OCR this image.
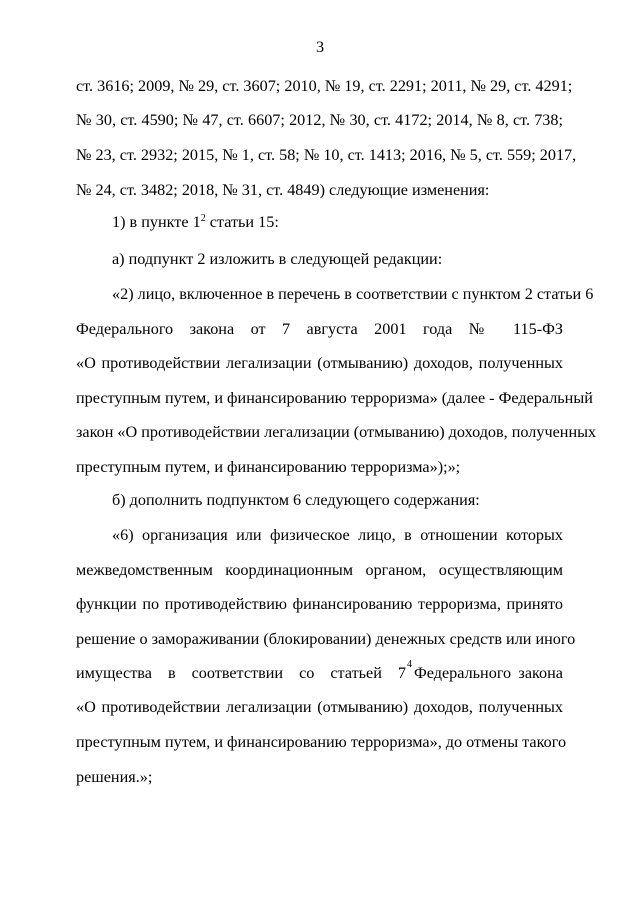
3
ст. 3616; 2009, № 29, ст. 3607; 2010, № 19, ст. 2291; 2011, № 29, ст. 4291;
№ 30, ст. 4590; № 47, ст. 6607; 2012, № 30, ст. 4172; 2014, № 8, ст. 738;
№ 23, ст. 2932; 2015, № 1, ст. 58; № 10, ст. 1413; 2016, № 5, ст. 559; 2017,
№ 24, ст. 3482; 2018, № 31, ст. 4849) следующие изменения:
1) в пункте $1^2$ статьи 15:
а) подпункт 2 изложить в следующей редакции:
«2) лицо, включенное в перечень в соответствии с пунктом 2 статьи 6
Федерального закона от 7 августа 2001 года № 115-ФЗ
«О противодействии легализации (отмыванию) доходов, полученных
преступным путем, и финансированию терроризма» (далее - Федеральный
закон «О противодействии легализации (отмыванию) доходов, полученных
преступным путем, и финансированию терроризма»);»;
б) дополнить подпунктом 6 следующего содержания:
«6) организация или физическое лицо, в отношении которых
межведомственным координационным органом, осуществляющим
функции по противодействию финансированию терроризма, принято
решение о замораживании (блокировании) денежных средств или иного
имущества в соответствии со статьей 7 4 Федерального закона
«О противодействии легализации (отмыванию) доходов, полученных
преступным путем, и финансированию терроризма», до отмены такого
решения.»;
